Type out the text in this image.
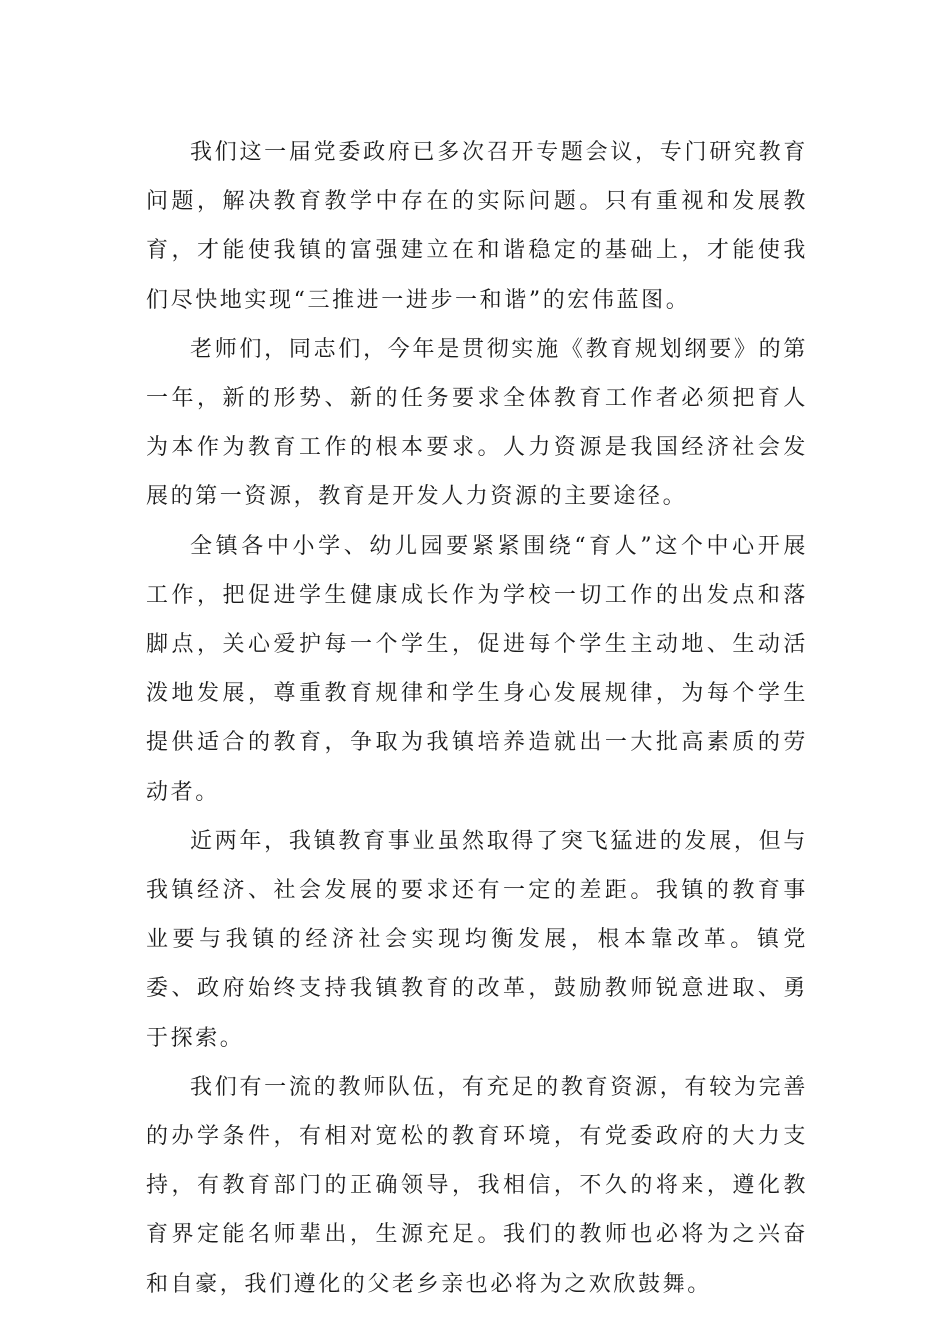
我们这一届党委政府已多次召开专题会议，专门研究教育问题，解决教育教学中存在的实际问题。只有重视和发展教育，才能使我镇的富强建立在和谐稳定的基础上，才能使我们尽快地实现“三推进一进步一和谐”的宏伟蓝图。

老师们，同志们，今年是贯彻实施《教育规划纲要》的第一年，新的形势、新的任务要求全体教育工作者必须把育人为本作为教育工作的根本要求。人力资源是我国经济社会发展的第一资源，教育是开发人力资源的主要途径。

全镇各中小学、幼儿园要紧紧围绕“育人”这个中心开展工作，把促进学生健康成长作为学校一切工作的出发点和落脚点，关心爱护每一个学生，促进每个学生主动地、生动活泼地发展，尊重教育规律和学生身心发展规律，为每个学生提供适合的教育，争取为我镇培养造就出一大批高素质的劳动者。

近两年，我镇教育事业虽然取得了突飞猛进的发展，但与我镇经济、社会发展的要求还有一定的差距。我镇的教育事业要与我镇的经济社会实现均衡发展，根本靠改革。镇党委、政府始终支持我镇教育的改革，鼓励教师锐意进取、勇于探索。

我们有一流的教师队伍，有充足的教育资源，有较为完善的办学条件，有相对宽松的教育环境，有党委政府的大力支持，有教育部门的正确领导，我相信，不久的将来，遵化教育界定能名师辈出，生源充足。我们的教师也必将为之兴奋和自豪，我们遵化的父老乡亲也必将为之欢欣鼓舞。
